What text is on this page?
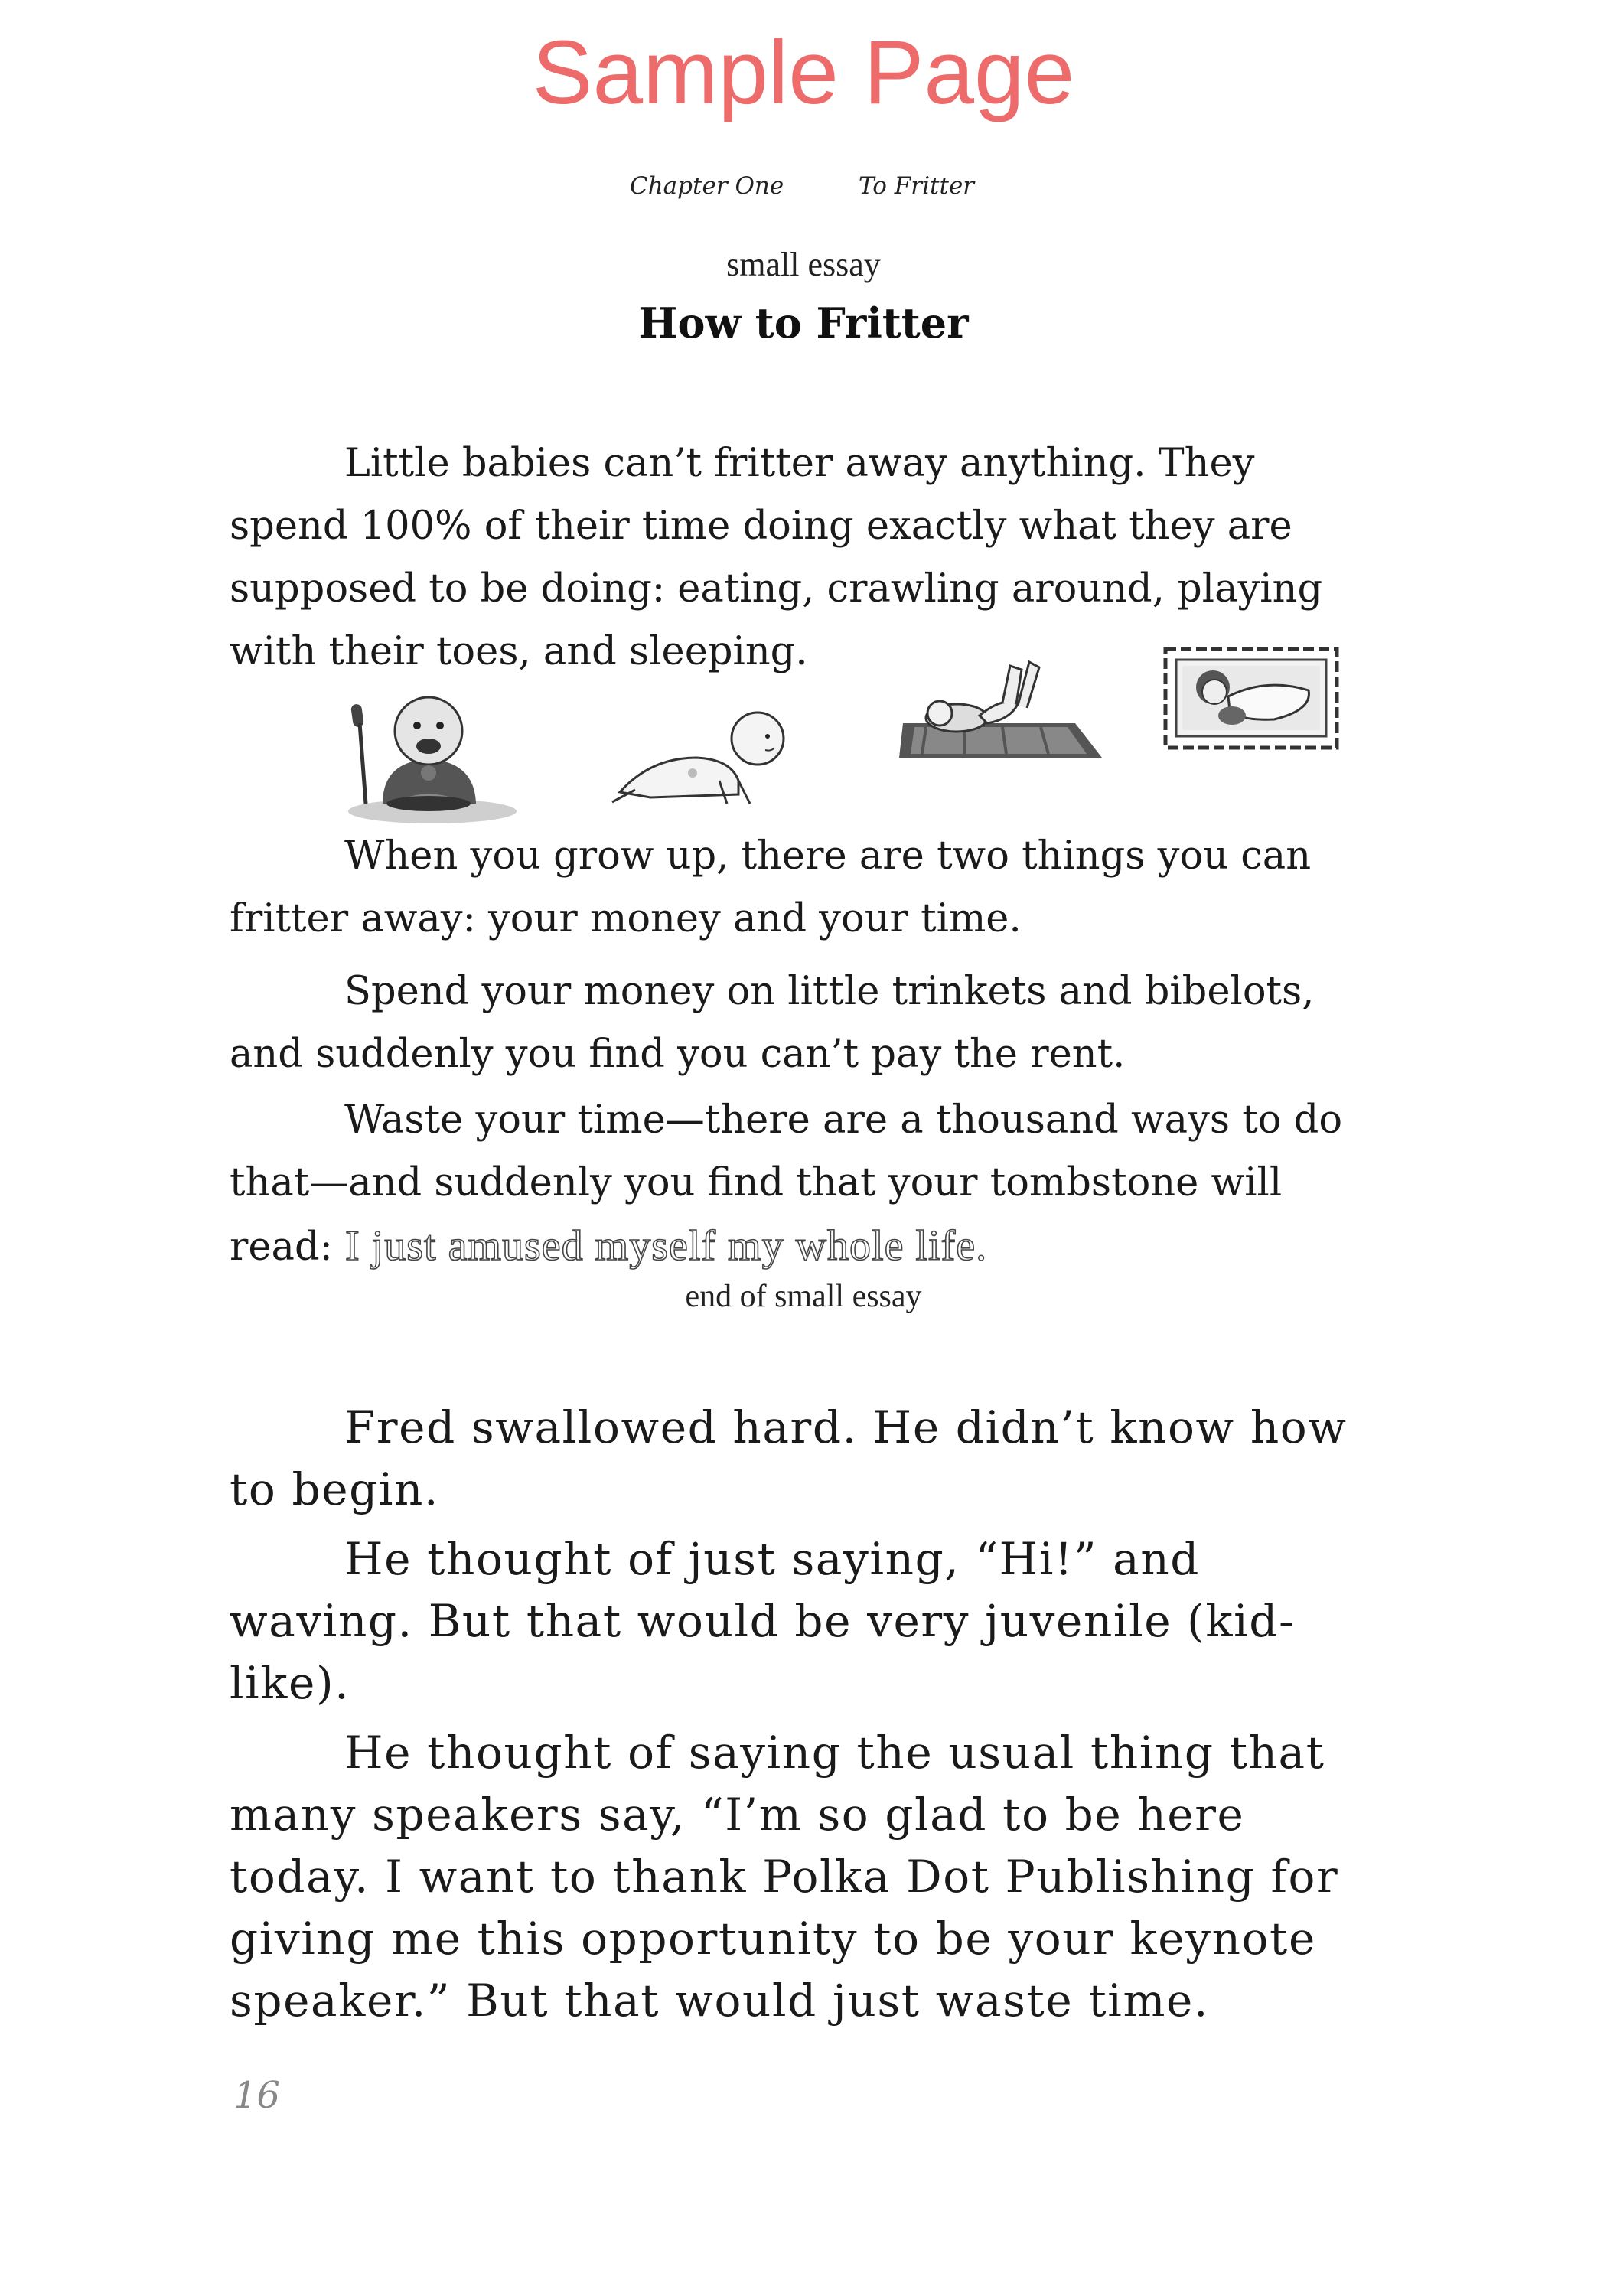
Sample Page
Chapter One	To Fritter
small essay
How to Fritter
Little babies can’t fritter away anything. They
spend 100% of their time doing exactly what they are
supposed to be doing: eating, crawling around, playing
with their toes, and sleeping.
When you grow up, there are two things you can
fritter away: your money and your time.
Spend your money on little trinkets and bibelots,
and suddenly you find you can’t pay the rent.
Waste your time—there are a thousand ways to do
that—and suddenly you find that your tombstone will
read: I just amused myself my whole life.
end of small essay

Fred swallowed hard. He didn’t know how
to begin.

He thought of just saying, “Hi!” and
waving. But that would be very juvenile (kid-
like).

He thought of saying the usual thing that
many speakers say, “I’m so glad to be here
today. I want to thank Polka Dot Publishing for
giving me this opportunity to be your keynote
speaker.” But that would just waste time.

16
